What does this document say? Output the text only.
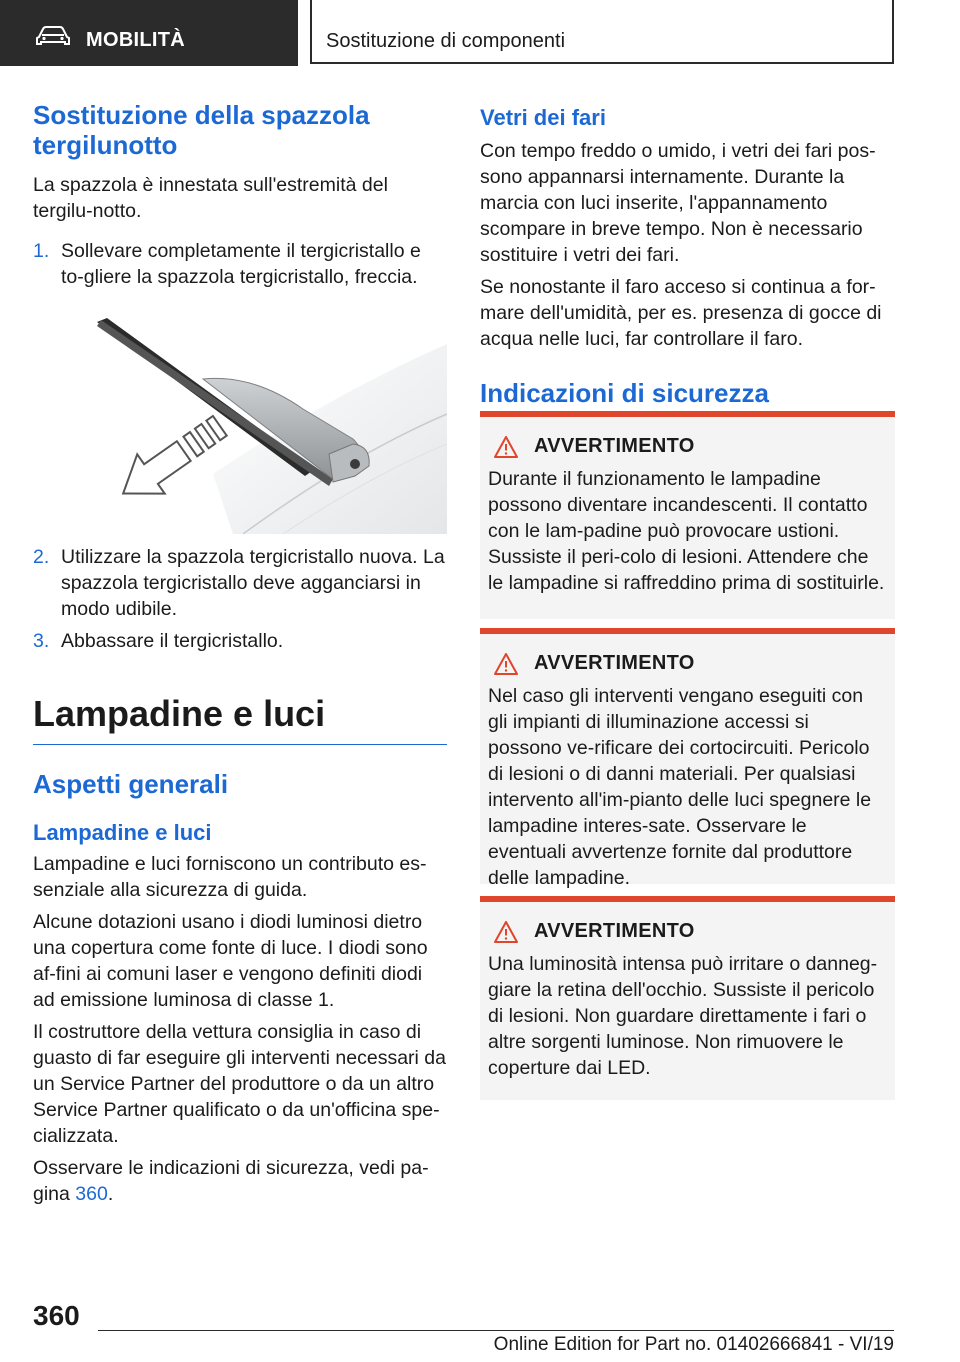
MOBILITÀ	Sostituzione di componenti
Sostituzione della spazzola tergilunotto

La spazzola è innestata sull'estremità del tergilu-notto.

1. Sollevare completamente il tergicristallo e to-gliere la spazzola tergicristallo, freccia.
2. Utilizzare la spazzola tergicristallo nuova. La spazzola tergicristallo deve agganciarsi in modo udibile.
3. Abbassare il tergicristallo.
Lampadine e luci
Aspetti generali
Lampadine e luci

Lampadine e luci forniscono un contributo es-senziale alla sicurezza di guida.

Alcune dotazioni usano i diodi luminosi dietro una copertura come fonte di luce. I diodi sono af-fini ai comuni laser e vengono definiti diodi ad emissione luminosa di classe 1.

Il costruttore della vettura consiglia in caso di guasto di far eseguire gli interventi necessari da un Service Partner del produttore o da un altro Service Partner qualificato o da un'officina spe-cializzata.

Osservare le indicazioni di sicurezza, vedi pa-gina 360.

Vetri dei fari

Con tempo freddo o umido, i vetri dei fari pos-sono appannarsi internamente. Durante la marcia con luci inserite, l'appannamento scompare in breve tempo. Non è necessario sostituire i vetri dei fari.

Se nonostante il faro acceso si continua a for-mare dell'umidità, per es. presenza di gocce di acqua nelle luci, far controllare il faro.

Indicazioni di sicurezza
AVVERTIMENTO

Durante il funzionamento le lampadine possono diventare incandescenti. Il contatto con le lam-padine può provocare ustioni. Sussiste il peri-colo di lesioni. Attendere che le lampadine si raffreddino prima di sostituirle.

AVVERTIMENTO

Nel caso gli interventi vengano eseguiti con gli impianti di illuminazione accessi si possono ve-rificare dei cortocircuiti. Pericolo di lesioni o di danni materiali. Per qualsiasi intervento all'im-pianto delle luci spegnere le lampadine interes-sate. Osservare le eventuali avvertenze fornite dal produttore delle lampadine.

AVVERTIMENTO

Una luminosità intensa può irritare o danneg-giare la retina dell'occhio. Sussiste il pericolo di lesioni. Non guardare direttamente i fari o altre sorgenti luminose. Non rimuovere le coperture dai LED.

360
Online Edition for Part no. 01402666841 - VI/19
